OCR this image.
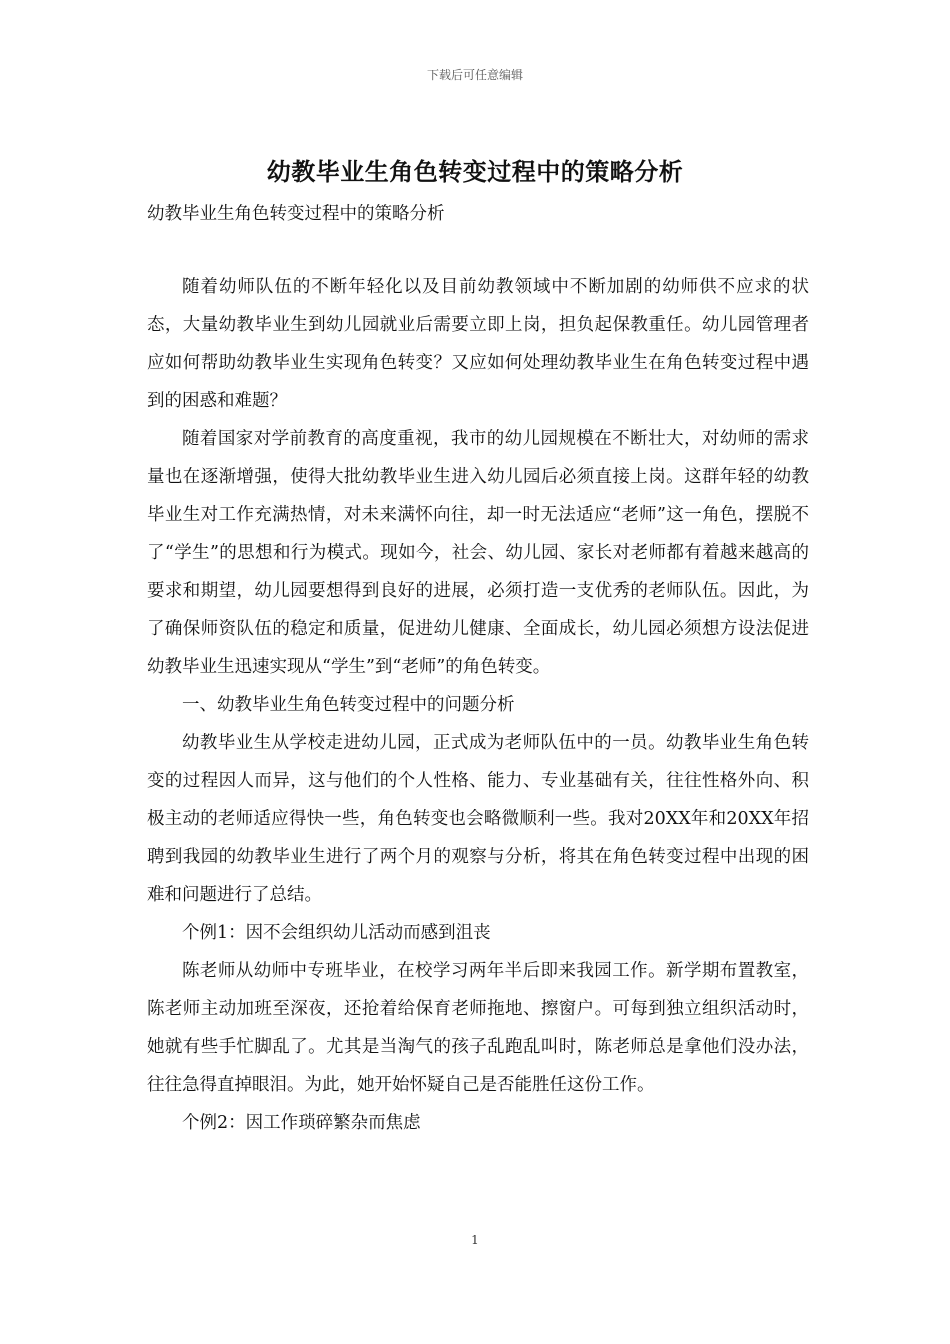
下载后可任意编辑
幼教毕业生角色转变过程中的策略分析
幼教毕业生角色转变过程中的策略分析

随着幼师队伍的不断年轻化以及目前幼教领域中不断加剧的幼师供不应求的状态，大量幼教毕业生到幼儿园就业后需要立即上岗，担负起保教重任。幼儿园管理者应如何帮助幼教毕业生实现角色转变？又应如何处理幼教毕业生在角色转变过程中遇到的困惑和难题？

随着国家对学前教育的高度重视，我市的幼儿园规模在不断壮大，对幼师的需求量也在逐渐增强，使得大批幼教毕业生进入幼儿园后必须直接上岗。这群年轻的幼教毕业生对工作充满热情，对未来满怀向往，却一时无法适应“老师”这一角色，摆脱不了“学生”的思想和行为模式。现如今，社会、幼儿园、家长对老师都有着越来越高的要求和期望，幼儿园要想得到良好的进展，必须打造一支优秀的老师队伍。因此，为了确保师资队伍的稳定和质量，促进幼儿健康、全面成长，幼儿园必须想方设法促进幼教毕业生迅速实现从“学生”到“老师”的角色转变。

一、幼教毕业生角色转变过程中的问题分析

幼教毕业生从学校走进幼儿园，正式成为老师队伍中的一员。幼教毕业生角色转变的过程因人而异，这与他们的个人性格、能力、专业基础有关，往往性格外向、积极主动的老师适应得快一些，角色转变也会略微顺利一些。我对20XX年和20XX年招聘到我园的幼教毕业生进行了两个月的观察与分析，将其在角色转变过程中出现的困难和问题进行了总结。

个例1：因不会组织幼儿活动而感到沮丧

陈老师从幼师中专班毕业，在校学习两年半后即来我园工作。新学期布置教室，陈老师主动加班至深夜，还抢着给保育老师拖地、擦窗户。可每到独立组织活动时，她就有些手忙脚乱了。尤其是当淘气的孩子乱跑乱叫时，陈老师总是拿他们没办法，往往急得直掉眼泪。为此，她开始怀疑自己是否能胜任这份工作。

个例2：因工作琐碎繁杂而焦虑

1
